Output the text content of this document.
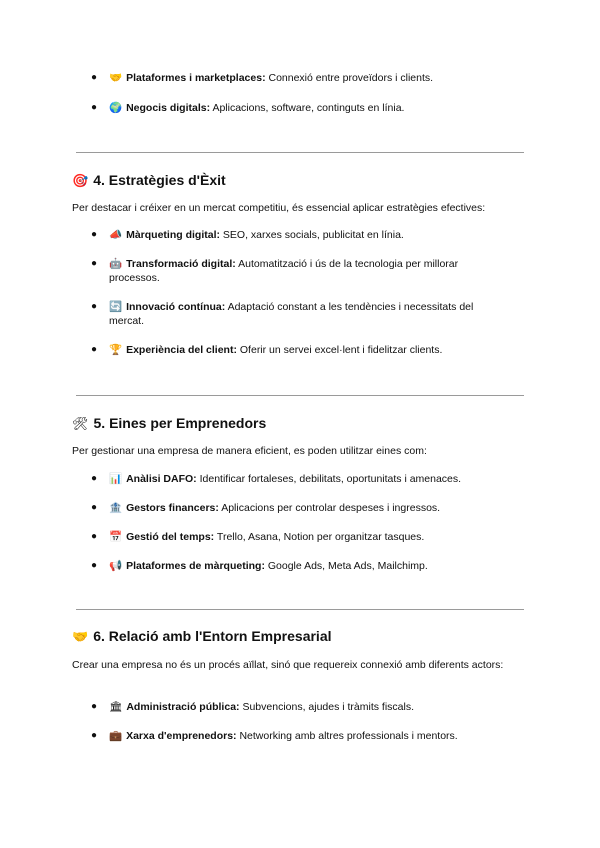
● 🤝 Plataformes i marketplaces: Connexió entre proveïdors i clients.
● 🌍 Negocis digitals: Aplicacions, software, continguts en línia.
🎯 4. Estratègies d'Èxit
Per destacar i créixer en un mercat competitiu, és essencial aplicar estratègies efectives:
● 📣 Màrqueting digital: SEO, xarxes socials, publicitat en línia.
● 🤖 Transformació digital: Automatització i ús de la tecnologia per millorar processos.
● 🔄 Innovació contínua: Adaptació constant a les tendències i necessitats del mercat.
● 🏆 Experiència del client: Oferir un servei excel·lent i fidelitzar clients.
🛠 5. Eines per Emprenedors
Per gestionar una empresa de manera eficient, es poden utilitzar eines com:
● 📊 Anàlisi DAFO: Identificar fortaleses, debilitats, oportunitats i amenaces.
● 🏦 Gestors financers: Aplicacions per controlar despeses i ingressos.
● 📅 Gestió del temps: Trello, Asana, Notion per organitzar tasques.
● 📢 Plataformes de màrqueting: Google Ads, Meta Ads, Mailchimp.
🤝 6. Relació amb l'Entorn Empresarial
Crear una empresa no és un procés aïllat, sinó que requereix connexió amb diferents actors:
● 🏛 Administració pública: Subvencions, ajudes i tràmits fiscals.
● 💼 Xarxa d'emprenedors: Networking amb altres professionals i mentors.
